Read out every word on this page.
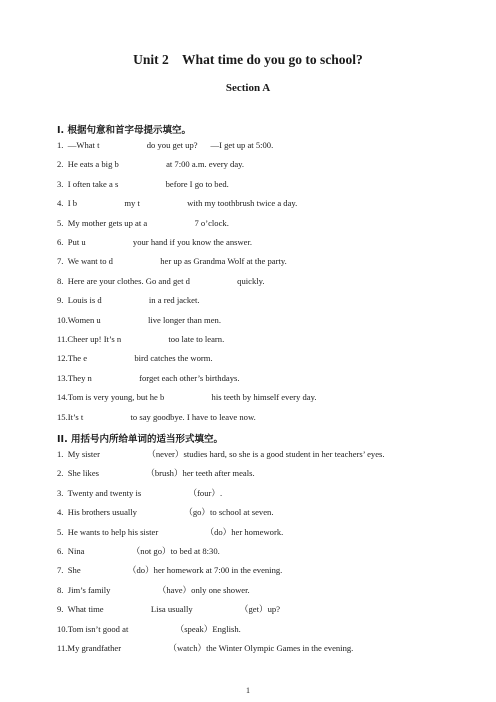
Unit 2    What time do you go to school?
Section A
I. 根据句意和首字母提示填空。
1.  —What t                      do you get up?      —I get up at 5:00.
2.  He eats a big b                      at 7:00 a.m. every day.
3.  I often take a s                      before I go to bed.
4.  I b                      my t                      with my toothbrush twice a day.
5.  My mother gets up at a                      7 o’clock.
6.  Put u                      your hand if you know the answer.
7.  We want to d                      her up as Grandma Wolf at the party.
8.  Here are your clothes. Go and get d                      quickly.
9.  Louis is d                      in a red jacket.
10.Women u                      live longer than men.
11.Cheer up! It’s n                      too late to learn.
12.The e                      bird catches the worm.
13.They n                      forget each other’s birthdays.
14.Tom is very young, but he b                      his teeth by himself every day.
15.It’s t                      to say goodbye. I have to leave now.
II. 用括号内所给单词的适当形式填空。
1.  My sister                      （never）studies hard, so she is a good student in her teachers’ eyes.
2.  She likes                      （brush）her teeth after meals.
3.  Twenty and twenty is                      （four）.
4.  His brothers usually                      （go）to school at seven.
5.  He wants to help his sister                      （do）her homework.
6.  Nina                      （not go）to bed at 8:30.
7.  She                      （do）her homework at 7:00 in the evening.
8.  Jim’s family                      （have）only one shower.
9.  What time                      Lisa usually                      （get）up?
10.Tom isn’t good at                      （speak）English.
11.My grandfather                      （watch）the Winter Olympic Games in the evening.
1
